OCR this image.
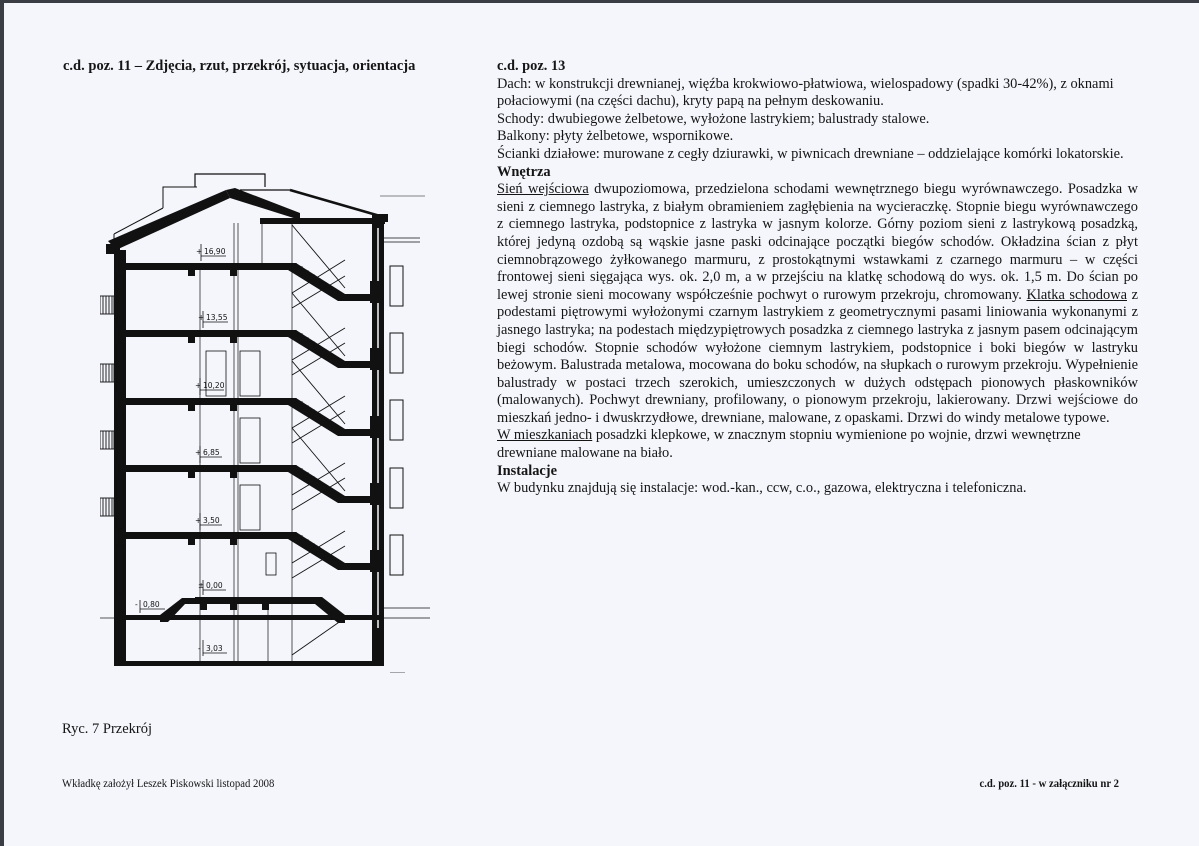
c.d. poz. 11 – Zdjęcia, rzut, przekrój, sytuacja, orientacja
+ 16,90
+ 13,55
+ 10,20
+ 6,85
+ 3,50
± 0,00
- 0,80
- 3,03
Ryc. 7 Przekrój

c.d. poz. 13

Dach: w konstrukcji drewnianej, więźba krokwiowo-płatwiowa, wielospadowy (spadki 30-42%), z oknami połaciowymi (na części dachu), kryty papą na pełnym deskowaniu.

Schody: dwubiegowe żelbetowe, wyłożone lastrykiem; balustrady stalowe.

Balkony: płyty żelbetowe, wspornikowe.

Ścianki działowe: murowane z cegły dziurawki, w piwnicach drewniane – oddzielające komórki lokatorskie.

Wnętrza

Sień wejściowa dwupoziomowa, przedzielona schodami wewnętrznego biegu wyrównawczego. Posadzka w sieni z ciemnego lastryka, z białym obramieniem zagłębienia na wycieraczkę. Stopnie biegu wyrównawczego z ciemnego lastryka, podstopnice z lastryka w jasnym kolorze. Górny poziom sieni z lastrykową posadzką, której jedyną ozdobą są wąskie jasne paski odcinające początki biegów schodów. Okładzina ścian z płyt ciemnobrązowego żyłkowanego marmuru, z prostokątnymi wstawkami z czarnego marmuru – w części frontowej sieni sięgająca wys. ok. 2,0 m, a w przejściu na klatkę schodową do wys. ok. 1,5 m. Do ścian po lewej stronie sieni mocowany współcześnie pochwyt o rurowym przekroju, chromowany. Klatka schodowa z podestami piętrowymi wyłożonymi czarnym lastrykiem z geometrycznymi pasami liniowania wykonanymi z jasnego lastryka; na podestach międzypiętrowych posadzka z ciemnego lastryka z jasnym pasem odcinającym biegi schodów. Stopnie schodów wyłożone ciemnym lastrykiem, podstopnice i boki biegów w lastryku beżowym. Balustrada metalowa, mocowana do boku schodów, na słupkach o rurowym przekroju. Wypełnienie balustrady w postaci trzech szerokich, umieszczonych w dużych odstępach pionowych płaskowników (malowanych). Pochwyt drewniany, profilowany, o pionowym przekroju, lakierowany. Drzwi wejściowe do mieszkań jedno- i dwuskrzydłowe, drewniane, malowane, z opaskami. Drzwi do windy metalowe typowe.

W mieszkaniach posadzki klepkowe, w znacznym stopniu wymienione po wojnie, drzwi wewnętrzne drewniane malowane na biało.

Instalacje

W budynku znajdują się instalacje: wod.-kan., ccw, c.o., gazowa, elektryczna i telefoniczna.

Wkładkę założył Leszek Piskowski listopad 2008	c.d. poz. 11 - w załączniku nr 2
